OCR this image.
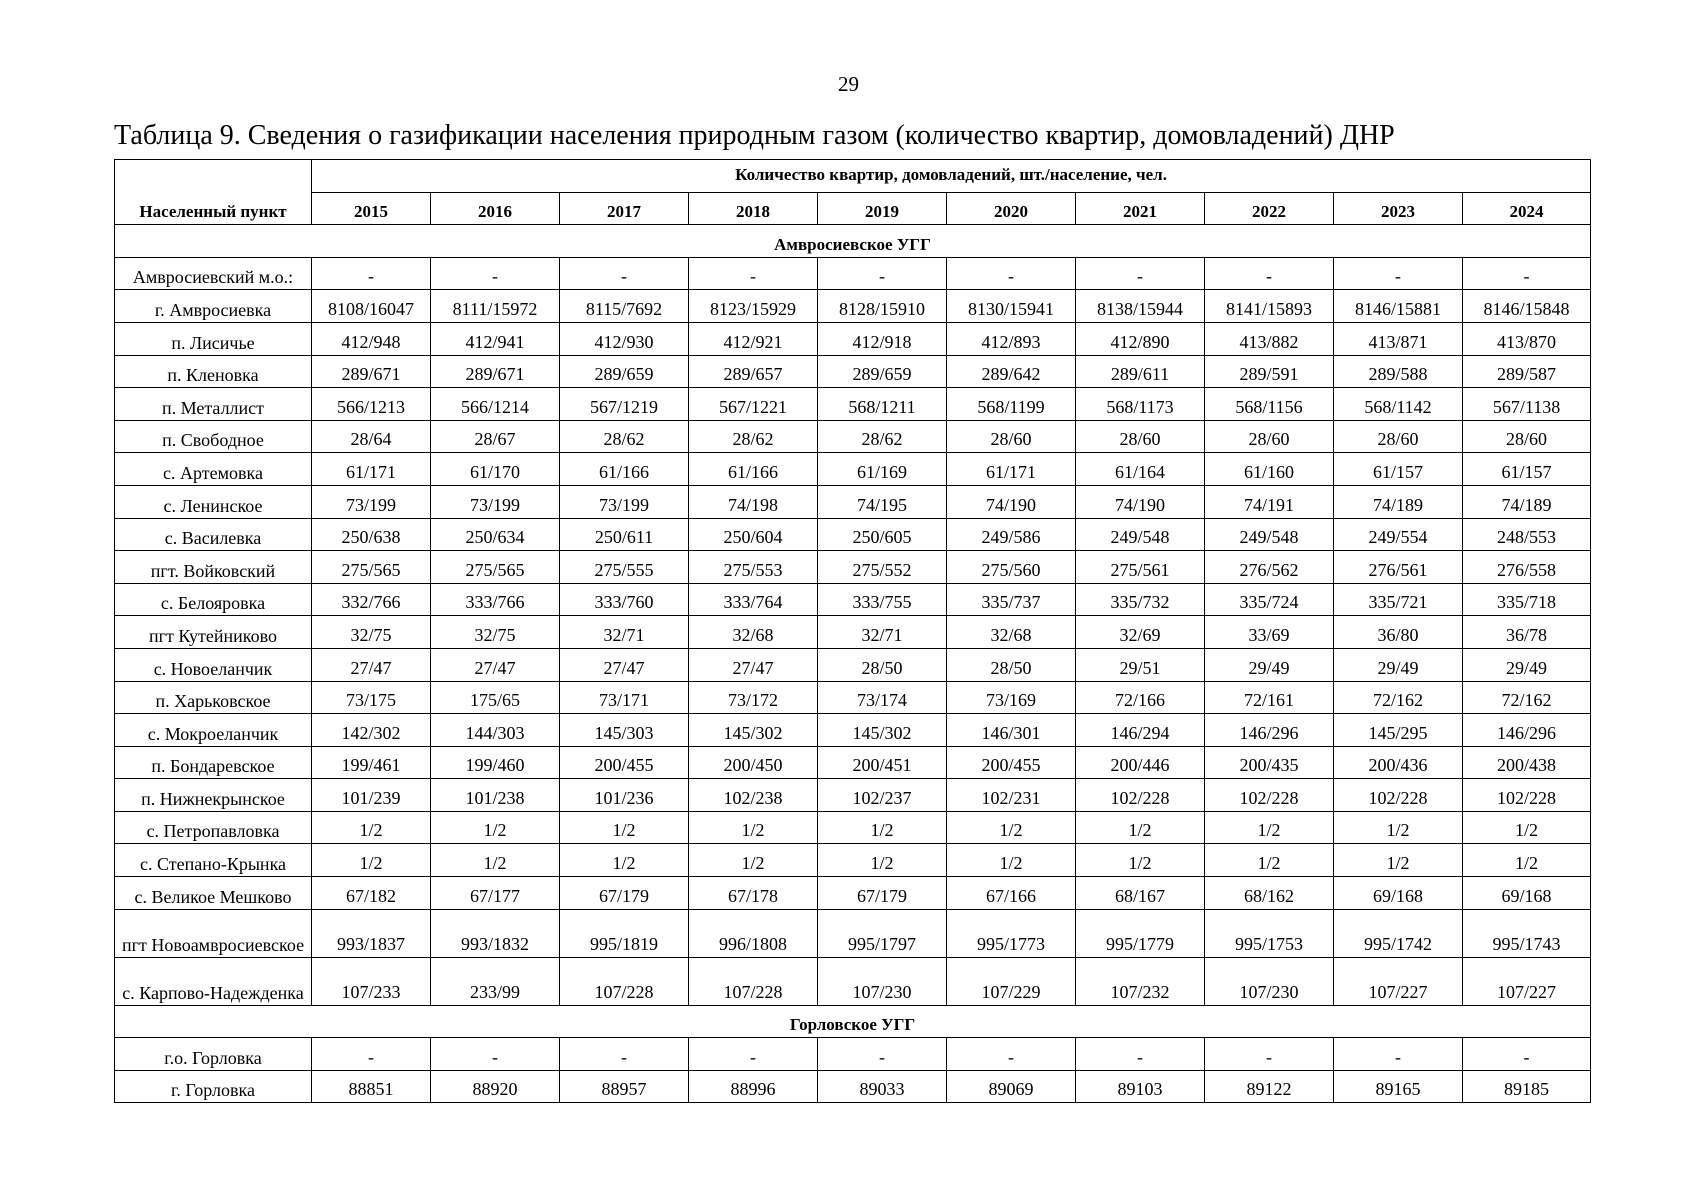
29
Таблица 9. Сведения о газификации населения природным газом (количество квартир, домовладений) ДНР
Населенный пункт	Количество квартир, домовладений, шт./население, чел.									
	2015	2016	2017	2018	2019	2020	2021	2022	2023	2024
Амвросиевское УГГ										
Амвросиевский м.о.:	-	-	-	-	-	-	-	-	-	-
г. Амвросиевка	8108/16047	8111/15972	8115/7692	8123/15929	8128/15910	8130/15941	8138/15944	8141/15893	8146/15881	8146/15848
п. Лисичье	412/948	412/941	412/930	412/921	412/918	412/893	412/890	413/882	413/871	413/870
п. Кленовка	289/671	289/671	289/659	289/657	289/659	289/642	289/611	289/591	289/588	289/587
п. Металлист	566/1213	566/1214	567/1219	567/1221	568/1211	568/1199	568/1173	568/1156	568/1142	567/1138
п. Свободное	28/64	28/67	28/62	28/62	28/62	28/60	28/60	28/60	28/60	28/60
с. Артемовка	61/171	61/170	61/166	61/166	61/169	61/171	61/164	61/160	61/157	61/157
с. Ленинское	73/199	73/199	73/199	74/198	74/195	74/190	74/190	74/191	74/189	74/189
с. Василевка	250/638	250/634	250/611	250/604	250/605	249/586	249/548	249/548	249/554	248/553
пгт. Войковский	275/565	275/565	275/555	275/553	275/552	275/560	275/561	276/562	276/561	276/558
с. Белояровка	332/766	333/766	333/760	333/764	333/755	335/737	335/732	335/724	335/721	335/718
пгт Кутейниково	32/75	32/75	32/71	32/68	32/71	32/68	32/69	33/69	36/80	36/78
с. Новоеланчик	27/47	27/47	27/47	27/47	28/50	28/50	29/51	29/49	29/49	29/49
п. Харьковское	73/175	175/65	73/171	73/172	73/174	73/169	72/166	72/161	72/162	72/162
с. Мокроеланчик	142/302	144/303	145/303	145/302	145/302	146/301	146/294	146/296	145/295	146/296
п. Бондаревское	199/461	199/460	200/455	200/450	200/451	200/455	200/446	200/435	200/436	200/438
п. Нижнекрынское	101/239	101/238	101/236	102/238	102/237	102/231	102/228	102/228	102/228	102/228
с. Петропавловка	1/2	1/2	1/2	1/2	1/2	1/2	1/2	1/2	1/2	1/2
с. Степано-Крынка	1/2	1/2	1/2	1/2	1/2	1/2	1/2	1/2	1/2	1/2
с. Великое Мешково	67/182	67/177	67/179	67/178	67/179	67/166	68/167	68/162	69/168	69/168
пгт Новоамвросиевское	993/1837	993/1832	995/1819	996/1808	995/1797	995/1773	995/1779	995/1753	995/1742	995/1743
с. Карпово-Надежденка	107/233	233/99	107/228	107/228	107/230	107/229	107/232	107/230	107/227	107/227
Горловское УГГ										
г.о. Горловка	-	-	-	-	-	-	-	-	-	-
г. Горловка	88851	88920	88957	88996	89033	89069	89103	89122	89165	89185
